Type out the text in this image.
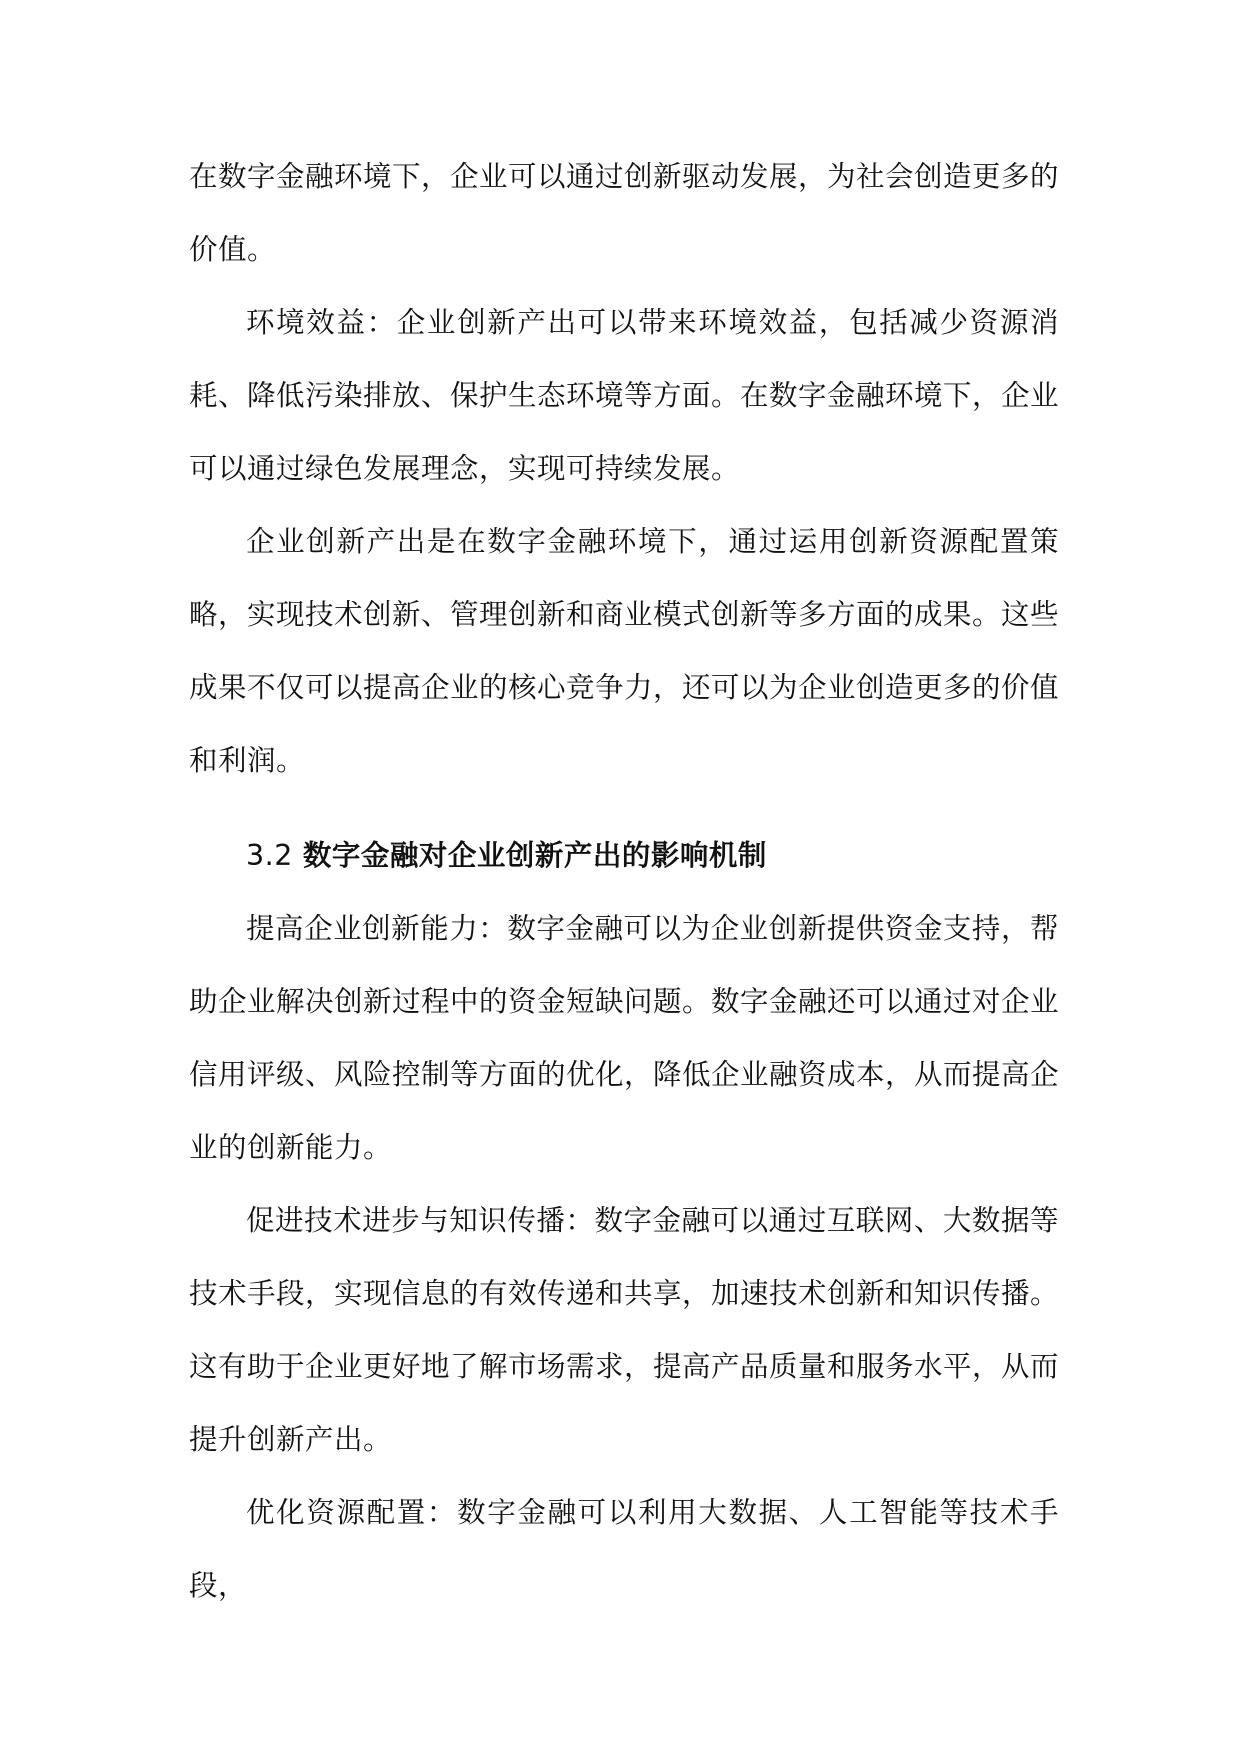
在数字金融环境下，企业可以通过创新驱动发展，为社会创造更多的价值。

环境效益：企业创新产出可以带来环境效益，包括减少资源消耗、降低污染排放、保护生态环境等方面。在数字金融环境下，企业可以通过绿色发展理念，实现可持续发展。

企业创新产出是在数字金融环境下，通过运用创新资源配置策略，实现技术创新、管理创新和商业模式创新等多方面的成果。这些成果不仅可以提高企业的核心竞争力，还可以为企业创造更多的价值和利润。

3.2 数字金融对企业创新产出的影响机制

提高企业创新能力：数字金融可以为企业创新提供资金支持，帮助企业解决创新过程中的资金短缺问题。数字金融还可以通过对企业信用评级、风险控制等方面的优化，降低企业融资成本，从而提高企业的创新能力。

促进技术进步与知识传播：数字金融可以通过互联网、大数据等技术手段，实现信息的有效传递和共享，加速技术创新和知识传播。这有助于企业更好地了解市场需求，提高产品质量和服务水平，从而提升创新产出。

优化资源配置：数字金融可以利用大数据、人工智能等技术手段，
